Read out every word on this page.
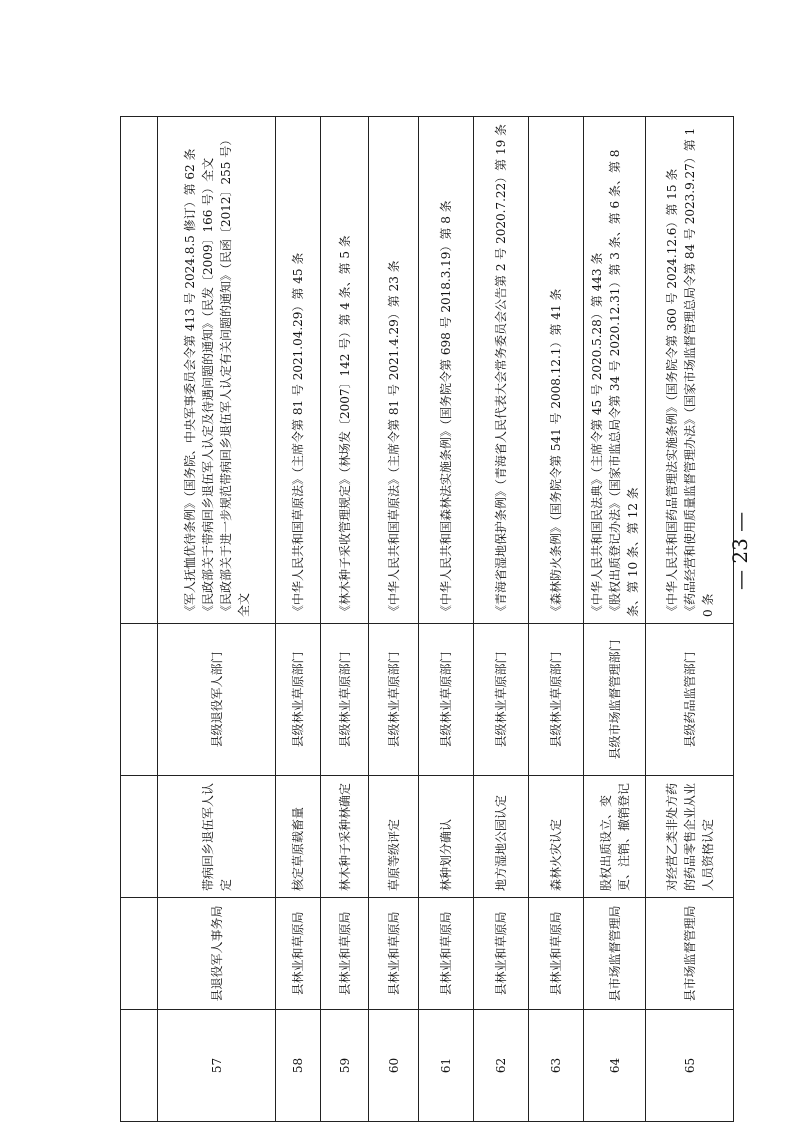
57	县退役军人事务局	带病回乡退伍军人认定	县级退役军人部门	《军人抚恤优待条例》（国务院、中央军事委员会令第 413 号 2024.8.5 修订）第 62 条 《民政部关于带病回乡退伍军人认定及待遇问题的通知》（民发〔2009〕166 号）全文 《民政部关于进一步规范带病回乡退伍军人认定有关问题的通知》（民函〔2012〕255 号）全文

58	县林业和草原局	核定草原载畜量	县级林业草原部门	《中华人民共和国草原法》（主席令第 81 号 2021.04.29）第 45 条

59	县林业和草原局	林木种子采种林确定	县级林业草原部门	《林木种子采收管理规定》（林场发〔2007〕142 号）第 4 条、第 5 条

60	县林业和草原局	草原等级评定	县级林业草原部门	《中华人民共和国草原法》（主席令第 81 号 2021.4.29）第 23 条

61	县林业和草原局	林种划分确认	县级林业草原部门	《中华人民共和国森林法实施条例》（国务院令第 698 号 2018.3.19）第 8 条

62	县林业和草原局	地方湿地公园认定	县级林业草原部门	《青海省湿地保护条例》（青海省人民代表大会常务委员会公告第 2 号 2020.7.22）第 19 条

63	县林业和草原局	森林火灾认定	县级林业草原部门	《森林防火条例》（国务院令第 541 号 2008.12.1）第 41 条

64	县市场监督管理局	股权出质设立、变更、注销、撤销登记	县级市场监督管理部门	《中华人民共和国民法典》（主席令第 45 号 2020.5.28）第 443 条 《股权出质登记办法》（国家市监总局令第 34 号 2020.12.31）第 3 条、第 6 条、第 8 条、第 10 条、第 12 条

65	县市场监督管理局	对经营乙类非处方药的药品零售企业从业人员资格认定	县级药品监管部门	《中华人民共和国药品管理法实施条例》（国务院令第 360 号 2024.12.6）第 15 条 《药品经营和使用质量监督管理办法》（国家市场监督管理总局令第 84 号 2023.9.27）第 10 条
— 23 —
